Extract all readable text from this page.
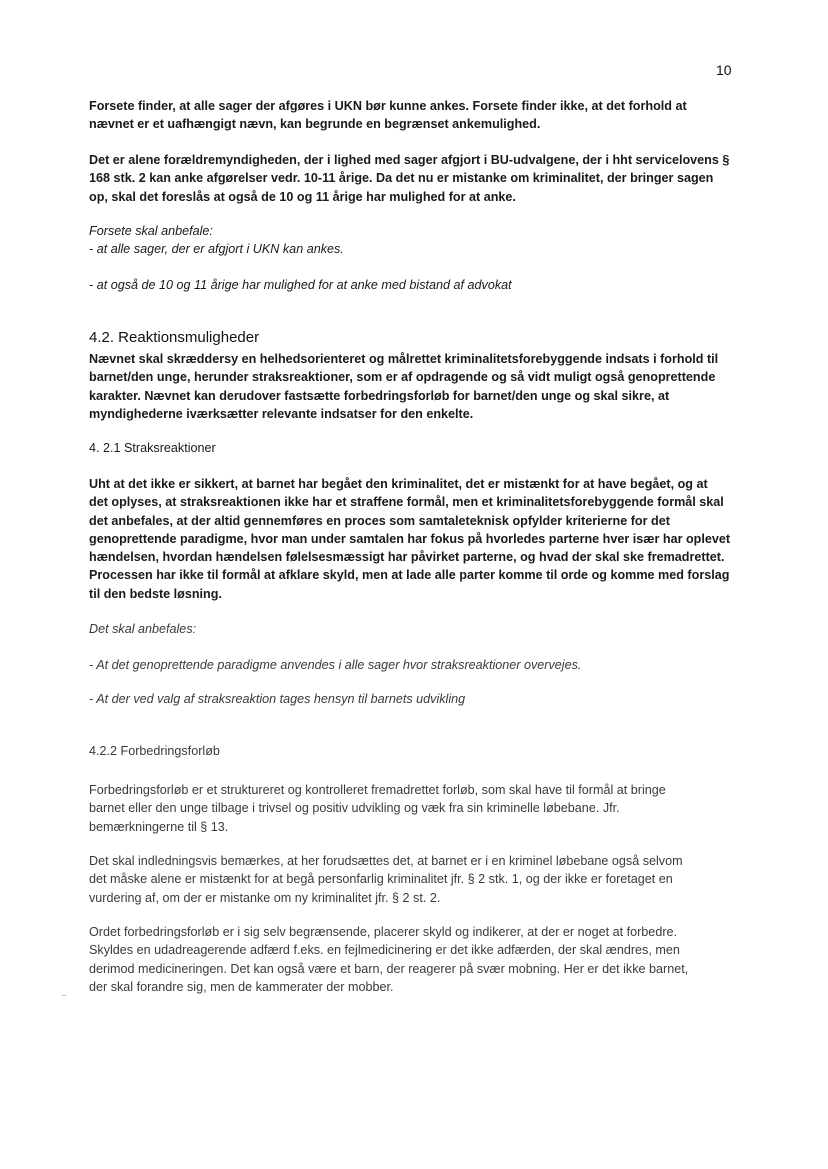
10

Forsete finder, at alle sager der afgøres i UKN bør kunne ankes. Forsete finder ikke, at det forhold at
nævnet er et uafhængigt nævn, kan begrunde en begrænset ankemulighed.

Det er alene forældremyndigheden, der i lighed med sager afgjort i BU-udvalgene, der i hht servicelovens §
168 stk. 2 kan anke afgørelser vedr. 10-11 årige. Da det nu er mistanke om kriminalitet, der bringer sagen
op, skal det foreslås at også de 10 og 11 årige har mulighed for at anke.

Forsete skal anbefale:
- at alle sager, der er afgjort i UKN kan ankes.

- at også de 10 og 11 årige har mulighed for at anke med bistand af advokat

4.2. Reaktionsmuligheder

Nævnet skal skræddersy en helhedsorienteret og målrettet kriminalitetsforebyggende indsats i forhold til
barnet/den unge, herunder straksreaktioner, som er af opdragende og så vidt muligt også genoprettende
karakter. Nævnet kan derudover fastsætte forbedringsforløb for barnet/den unge og skal sikre, at
myndighederne iværksætter relevante indsatser for den enkelte.

4. 2.1 Straksreaktioner

Uht at det ikke er sikkert, at barnet har begået den kriminalitet, det er mistænkt for at have begået, og at
det oplyses, at straksreaktionen ikke har et straffene formål, men et kriminalitetsforebyggende formål skal
det anbefales, at der altid gennemføres en proces som samtaleteknisk opfylder kriterierne for det
genoprettende paradigme, hvor man under samtalen har fokus på hvorledes parterne hver især har oplevet
hændelsen, hvordan hændelsen følelsesmæssigt har påvirket parterne, og hvad der skal ske fremadrettet.
Processen har ikke til formål at afklare skyld, men at lade alle parter komme til orde og komme med forslag
til den bedste løsning.

Det skal anbefales:

- At det genoprettende paradigme anvendes i alle sager hvor straksreaktioner overvejes.

- At der ved valg af straksreaktion tages hensyn til barnets udvikling

4.2.2 Forbedringsforløb

Forbedringsforløb er et struktureret og kontrolleret fremadrettet forløb, som skal have til formål at bringe
barnet eller den unge tilbage i trivsel og positiv udvikling og væk fra sin kriminelle løbebane. Jfr.
bemærkningerne til § 13.

Det skal indledningsvis bemærkes, at her forudsættes det, at barnet er i en kriminel løbebane også selvom
det måske alene er mistænkt for at begå personfarlig kriminalitet jfr. § 2 stk. 1, og der ikke er foretaget en
vurdering af, om der er mistanke om ny kriminalitet jfr. § 2 st. 2.

Ordet forbedringsforløb er i sig selv begrænsende, placerer skyld og indikerer, at der er noget at forbedre.
Skyldes en udadreagerende adfærd f.eks. en fejlmedicinering er det ikke adfærden, der skal ændres, men
derimod medicineringen. Det kan også være et barn, der reagerer på svær mobning. Her er det ikke barnet,
der skal forandre sig, men de kammerater der mobber.
